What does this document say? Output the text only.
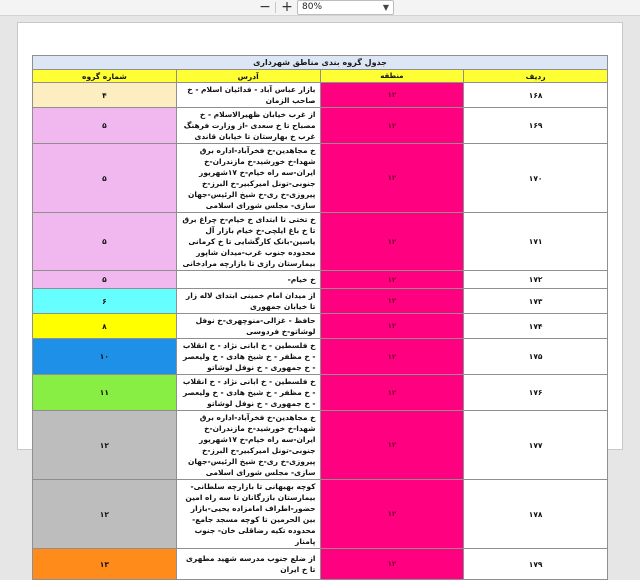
− +	80%	▼
جدول گروه بندی مناطق شهرداری			
ردیف	منطقه	آدرس	شماره گروه
۱۶۸	۱۲	بازار عباس آباد - فدائیان اسلام - خ صاحب الزمان	۴
۱۶۹	۱۲	از غرب خیابان ظهیرالاسلام - خ مصباح تا خ سعدی -از وزارت فرهنگ غرب خ بهارستان تا خیابان قاندی	۵
۱۷۰	۱۲	خ مجاهدین-خ فخرآباد-اداره برق شهدا-خ خورشید-خ مازندران-خ ایران-سه راه خیام-خ ۱۷شهریور جنوبی-تونل امیرکبیر-خ البرز-خ پیروزی-خ ری-خ شیخ الرئیس-جهان سازی- مجلس شورای اسلامی	۵
۱۷۱	۱۲	خ تختی تا ابتدای خ خیام-خ چراغ برق تا خ باغ ایلچی-خ خیام بازار آل یاسین-بانک کارگشایی تا خ کرمانی محدوده جنوب غرب-میدان شاپور بیمارستان رازی تا بازارچه مرادخانی	۵
۱۷۲	۱۲	خ خیام-	۵
۱۷۳	۱۲	از میدان امام خمینی ابتدای لاله زار تا خیابان جمهوری	۶
۱۷۴	۱۲	حافظ - غزالی-منوچهری-خ نوفل لوشاتو-خ فردوسی	۸
۱۷۵	۱۲	خ فلسطین - خ ابانی نژاد - خ انقلاب - خ مظفر - خ شیخ هادی - خ ولیعصر - خ جمهوری - خ نوفل لوشاتو	۱۰
۱۷۶	۱۲	خ فلسطین - خ ابانی نژاد - خ انقلاب - خ مظفر - خ شیخ هادی - خ ولیعصر - خ جمهوری - خ نوفل لوشاتو	۱۱
۱۷۷	۱۲	خ مجاهدین-خ فخرآباد-اداره برق شهدا-خ خورشید-خ مازندران-خ ایران-سه راه خیام-خ ۱۷شهریور جنوبی-تونل امیرکبیر-خ البرز-خ پیروزی-خ ری-خ شیخ الرئیس-جهان سازی- مجلس شورای اسلامی	۱۲
۱۷۸	۱۲	کوچه بهبهانی تا بازارچه سلطانی-بیمارستان بازرگانان تا سه راه امین حضور-اطراف امامزاده یحیی-بازار بین الحرمین تا کوچه مسجد جامع-محدوده تکیه رضاقلی خان- جنوب پامنار	۱۲
۱۷۹	۱۲	از ضلع جنوب مدرسه شهید مطهری تا خ ایران	۱۳
